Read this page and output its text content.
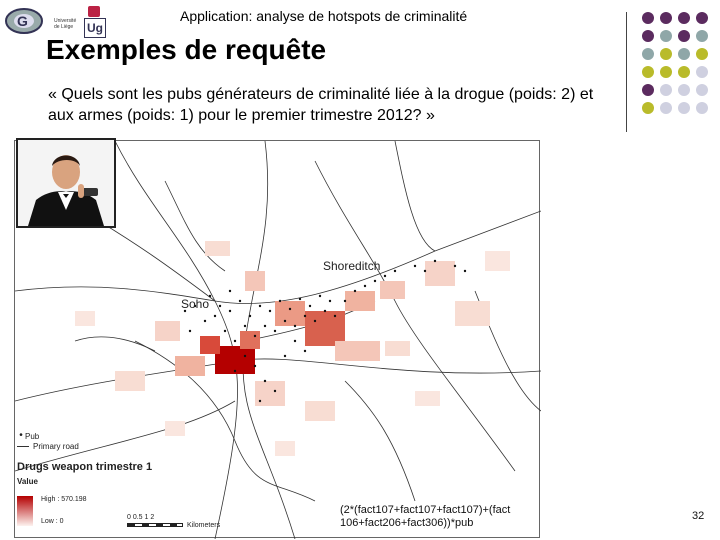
G	Université de Liège	Ug
Application: analyse de hotspots de criminalité
Exemples de requête
« Quels sont les pubs générateurs de criminalité liée à la drogue (poids: 2) et aux armes (poids: 1) pour le premier trimestre 2012? »
Shoreditch
Soho
• Pub
Primary road
Drugs weapon trimestre 1
Value
High : 570.198
Low : 0
0 0.5 1 2
Kilometers
(2*(fact107+fact107+fact107)+(fact 106+fact206+fact306))*pub
32
